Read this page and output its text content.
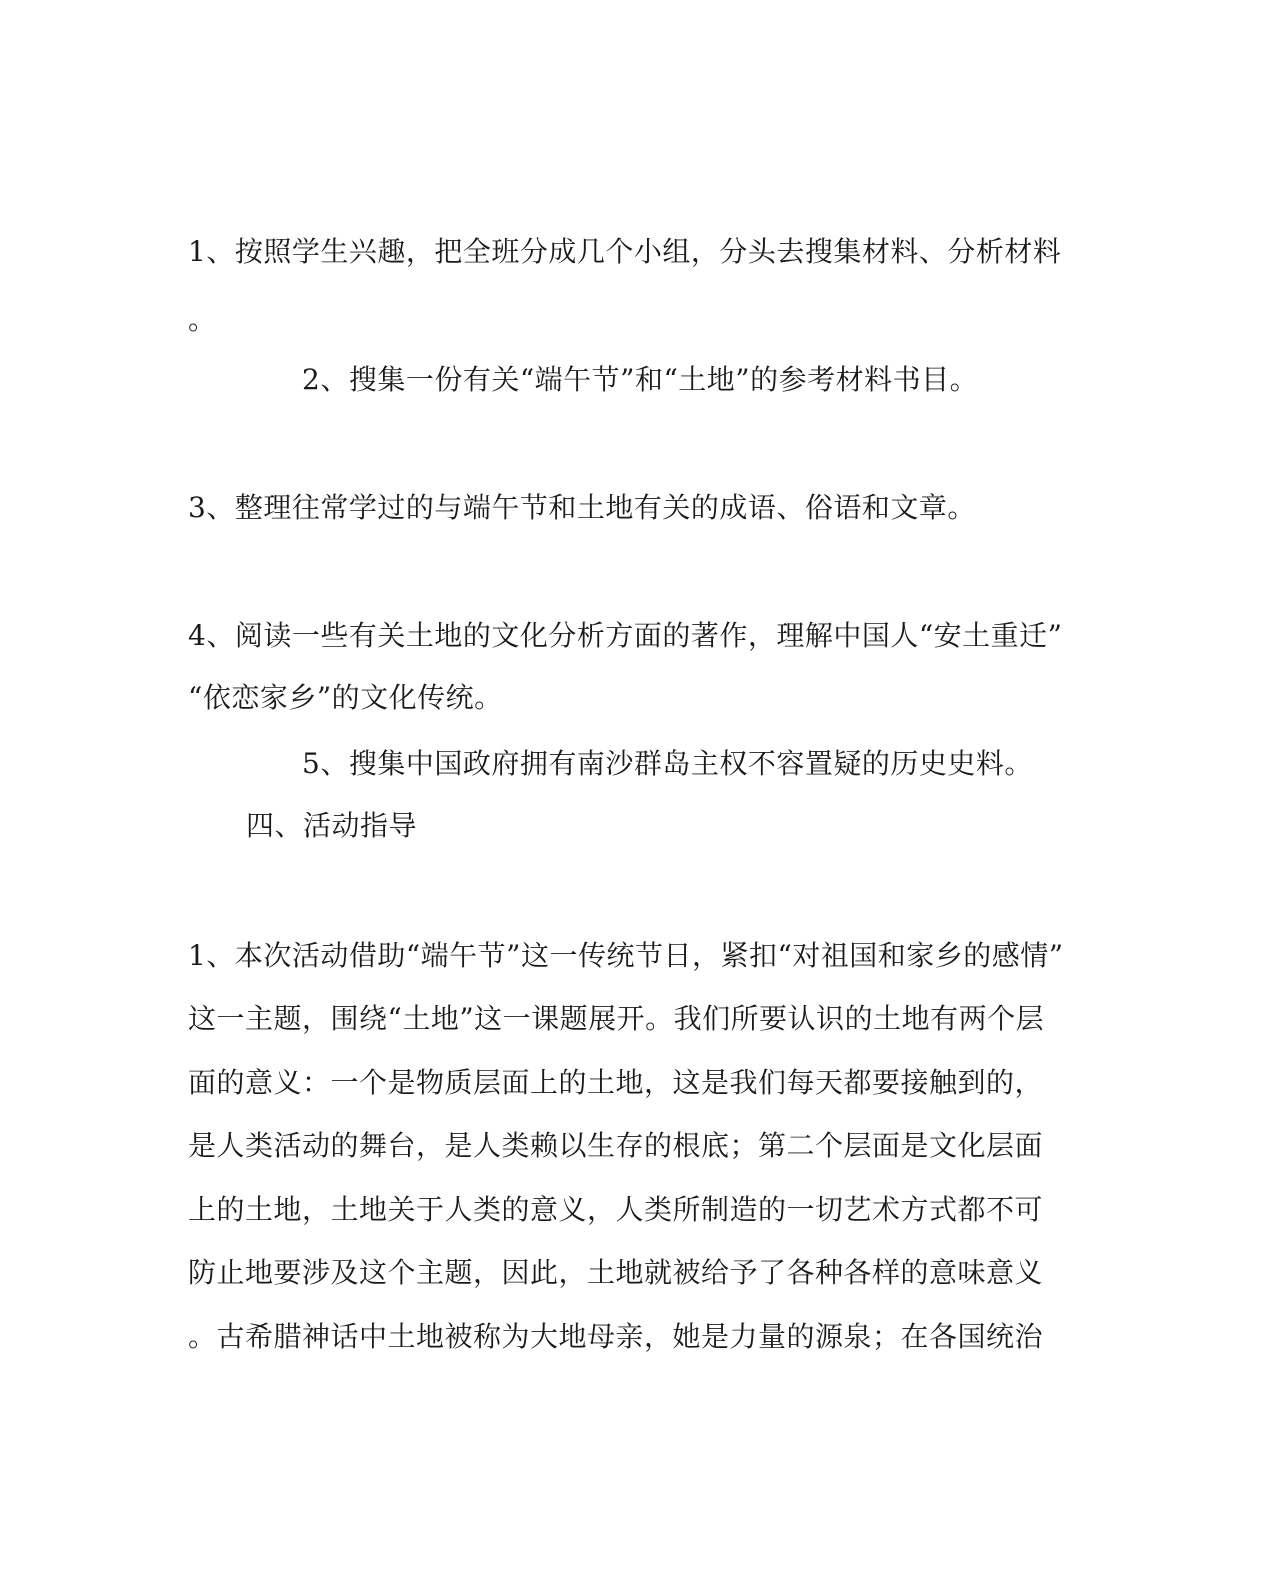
1、按照学生兴趣，把全班分成几个小组，分头去搜集材料、分析材料
。
2、搜集一份有关“端午节”和“土地”的参考材料书目。
3、整理往常学过的与端午节和土地有关的成语、俗语和文章。
4、阅读一些有关土地的文化分析方面的著作，理解中国人“安土重迁”
“依恋家乡”的文化传统。
5、搜集中国政府拥有南沙群岛主权不容置疑的历史史料。
四、活动指导
1、本次活动借助“端午节”这一传统节日，紧扣“对祖国和家乡的感情”
这一主题，围绕“土地”这一课题展开。我们所要认识的土地有两个层
面的意义：一个是物质层面上的土地，这是我们每天都要接触到的，
是人类活动的舞台，是人类赖以生存的根底；第二个层面是文化层面
上的土地，土地关于人类的意义，人类所制造的一切艺术方式都不可
防止地要涉及这个主题，因此，土地就被给予了各种各样的意味意义
。古希腊神话中土地被称为大地母亲，她是力量的源泉；在各国统治
